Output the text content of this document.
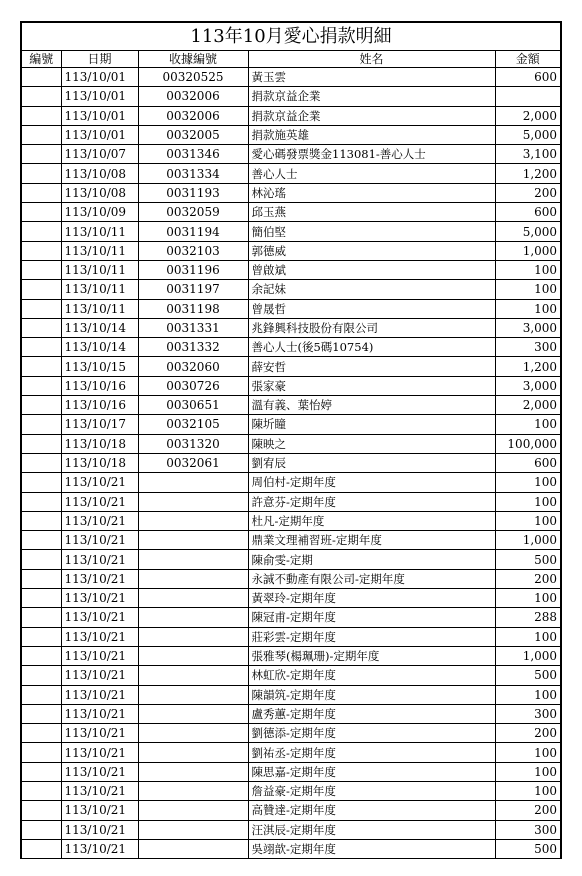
113年10月愛心捐款明細				
編號	日期	收據編號	姓名	金額
	113/10/01	00320525	黃玉雲	600
	113/10/01	0032006	捐款京益企業	
	113/10/01	0032006	捐款京益企業	2,000
	113/10/01	0032005	捐款施英雄	5,000
	113/10/07	0031346	愛心碼發票獎金113081-善心人士	3,100
	113/10/08	0031334	善心人士	1,200
	113/10/08	0031193	林沁瑤	200
	113/10/09	0032059	邱玉燕	600
	113/10/11	0031194	簡伯堅	5,000
	113/10/11	0032103	郭德威	1,000
	113/10/11	0031196	曾啟斌	100
	113/10/11	0031197	余記妹	100
	113/10/11	0031198	曾晟哲	100
	113/10/14	0031331	兆鋒興科技股份有限公司	3,000
	113/10/14	0031332	善心人士(後5碼10754)	300
	113/10/15	0032060	薛安哲	1,200
	113/10/16	0030726	張家豪	3,000
	113/10/16	0030651	溫有義、葉怡婷	2,000
	113/10/17	0032105	陳圻瞳	100
	113/10/18	0031320	陳映之	100,000
	113/10/18	0032061	劉宥辰	600
	113/10/21		周伯村-定期年度	100
	113/10/21		許意芬-定期年度	100
	113/10/21		杜凡-定期年度	100
	113/10/21		鼎業文理補習班-定期年度	1,000
	113/10/21		陳俞雯-定期	500
	113/10/21		永誠不動產有限公司-定期年度	200
	113/10/21		黃翠玲-定期年度	100
	113/10/21		陳冠甫-定期年度	288
	113/10/21		莊彩雲-定期年度	100
	113/10/21		張雅琴(楊珮珊)-定期年度	1,000
	113/10/21		林虹欣-定期年度	500
	113/10/21		陳韻筑-定期年度	100
	113/10/21		盧秀蕙-定期年度	300
	113/10/21		劉德添-定期年度	200
	113/10/21		劉祐丞-定期年度	100
	113/10/21		陳思嘉-定期年度	100
	113/10/21		詹益豪-定期年度	100
	113/10/21		高贊達-定期年度	200
	113/10/21		汪淇辰-定期年度	300
	113/10/21		吳翊歆-定期年度	500
